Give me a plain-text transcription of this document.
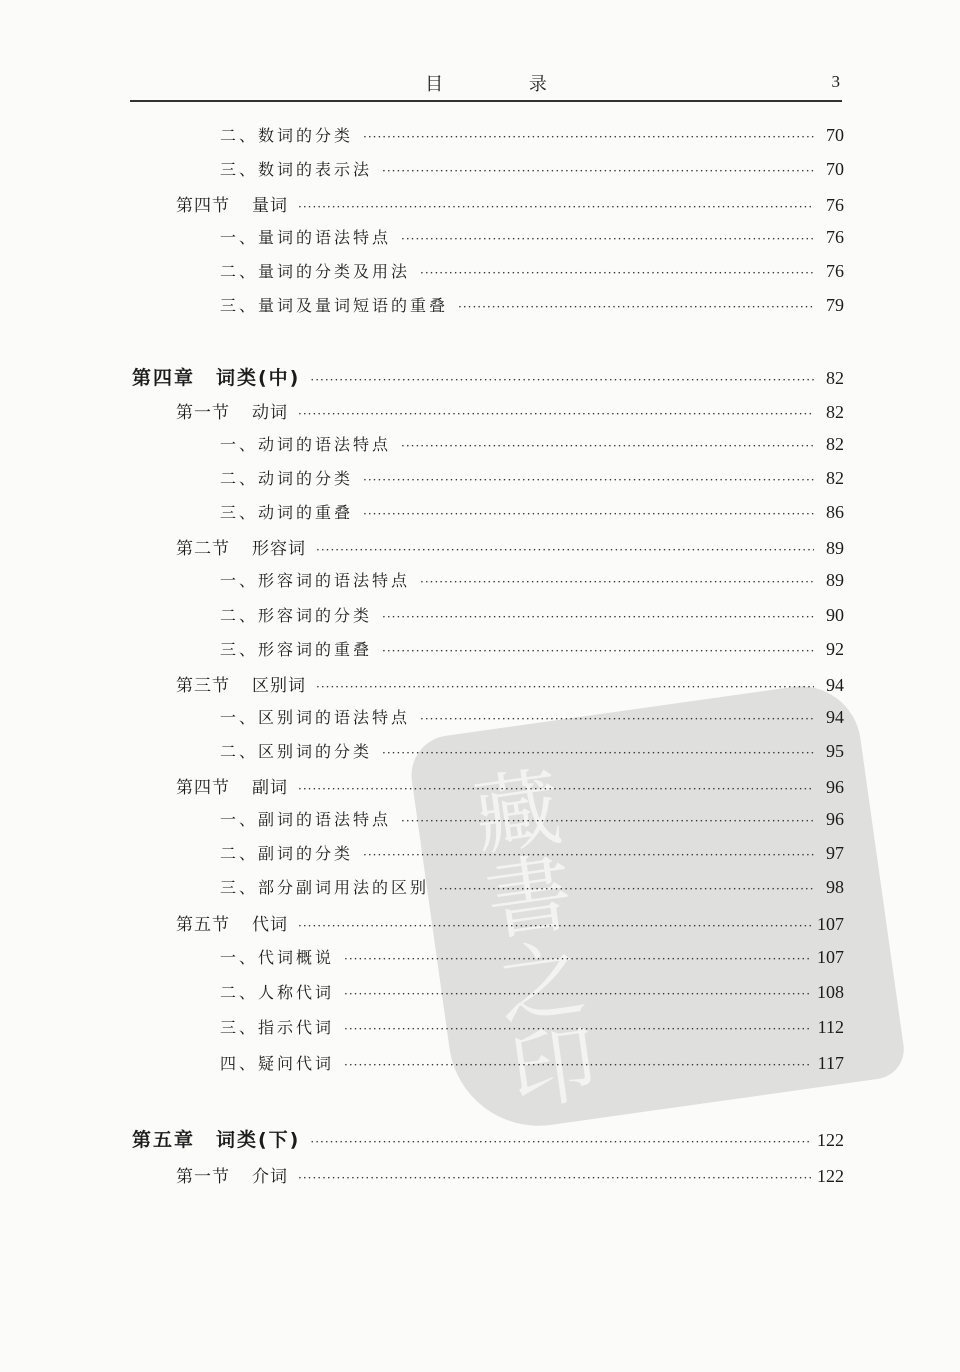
藏書之印
目 录	3
二、数词的分类 ·····	70
三、数词的表示法 ·····	70
第四节 量词 ·····	76
一、量词的语法特点 ·····	76
二、量词的分类及用法 ·····	76
三、量词及量词短语的重叠 ·····	79
第四章　词类(中) ·····	82
第一节 动词 ·····	82
一、动词的语法特点 ·····	82
二、动词的分类 ·····	82
三、动词的重叠 ·····	86
第二节 形容词 ·····	89
一、形容词的语法特点 ·····	89
二、形容词的分类 ·····	90
三、形容词的重叠 ·····	92
第三节 区别词 ·····	94
一、区别词的语法特点 ·····	94
二、区别词的分类 ·····	95
第四节 副词 ·····	96
一、副词的语法特点 ·····	96
二、副词的分类 ·····	97
三、部分副词用法的区别 ·····	98
第五节 代词 ·····	107
一、代词概说 ·····	107
二、人称代词 ·····	108
三、指示代词 ·····	112
四、疑问代词 ·····	117
第五章　词类(下) ·····	122
第一节 介词 ·····	122
